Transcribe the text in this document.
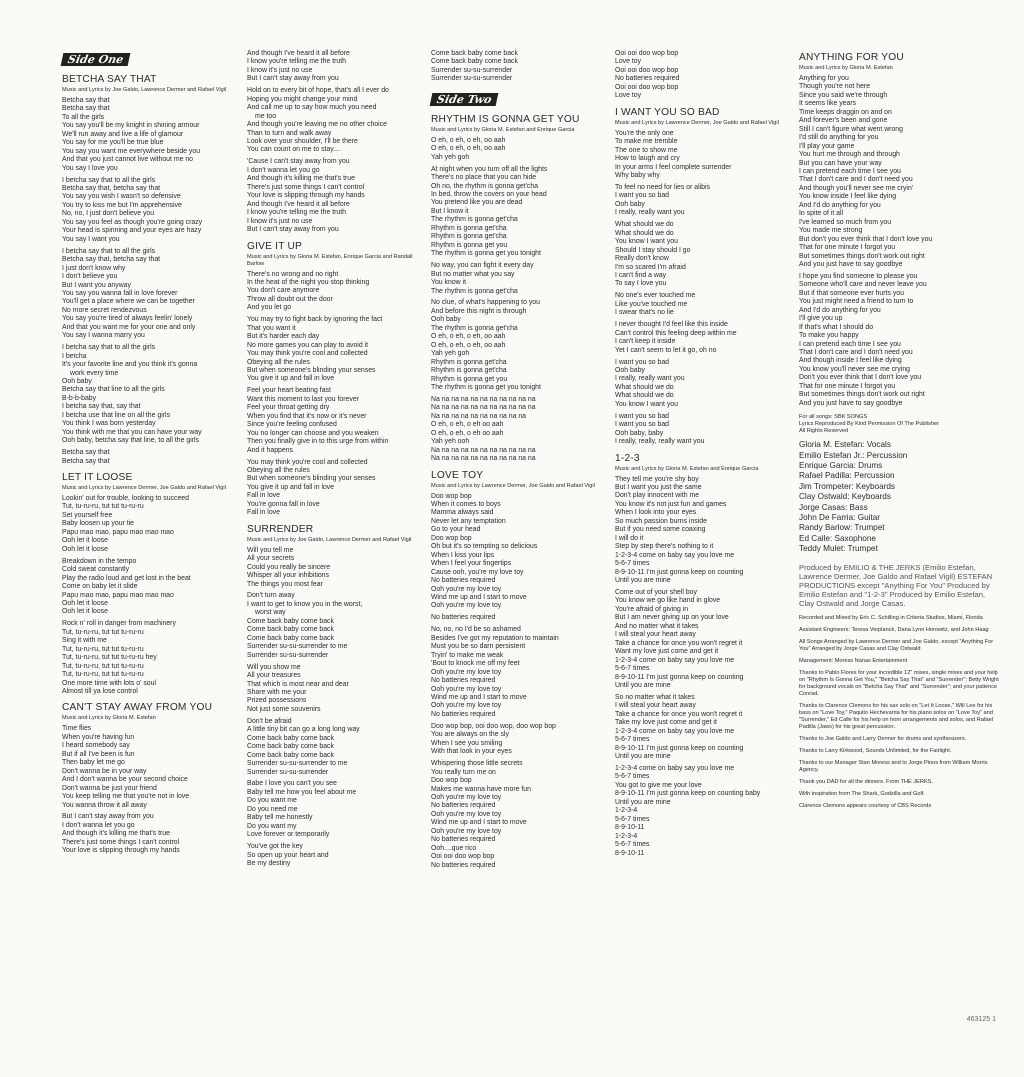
Side One
BETCHA SAY THAT
Music and Lyrics by Joe Galdo, Lawrence Dermer and Rafael Vigil
Betcha say that
Betcha say that
To all the girls
You say you'll be my knight in shining armour
We'll run away and live a life of glamour
You say for me you'll be true blue
You say you want me everywhere beside you
And that you just cannot live without me no
You say I love you
I betcha say that to all the girls
Betcha say that, betcha say that
You say you wish I wasn't so defensive
You try to kiss me but I'm apprehensive
No, no, I just don't believe you
You say you feel as though you're going crazy
Your head is spinning and your eyes are hazy
You say I want you
I betcha say that to all the girls
Betcha say that, betcha say that
I just don't know why
I don't believe you
But I want you anyway
You say you wanna fall in love forever
You'll get a place where we can be together
No more secret rendezvous
You say you're tired of always feelin' lonely
And that you want me for your one and only
You say I wanna marry you
I betcha say that to all the girls
I betcha
It's your favorite line and you think it's gonna
work every time
Ooh baby
Betcha say that line to all the girls
B-b-b-baby
I betcha say that, say that
I betcha use that line on all the girls
You think I was born yesterday
You think with me that you can have your way
Ooh baby, betcha say that line, to all the girls
Betcha say that
Betcha say that
LET IT LOOSE
Music and Lyrics by Lawrence Dermer, Joe Galdo and Rafael Vigil
Lookin' out for trouble, looking to succeed
Tut, tu-ru-ru, tut tut tu-ru-ru
Set yourself free
Baby loosen up your tie
Papu mao mao, papu mao mao mao
Ooh let it loose
Ooh let it loose
Breakdown in the tempo
Cold sweat constantly
Play the radio loud and get lost in the beat
Come on baby let it slide
Papu mao mao, papu mao mao mao
Ooh let it loose
Ooh let it loose
Rock n' roll in danger from machinery
Tut, tu-ru-ru, tut tut tu-ru-ru
Sing it with me
Tut, tu-ru-ru, tut tut tu-ru-ru
Tut, tu-ru-ru, tut tut tu-ru-ru hey
Tut, tu-ru-ru, tut tut tu-ru-ru
Tut, tu-ru-ru, tut tut tu-ru-ru
One more time with lots o' soul
Almost till ya lose control
CAN'T STAY AWAY FROM YOU
Music and Lyrics by Gloria M. Estefan
Time flies
When you're having fun
I heard somebody say
But if all I've been is fun
Then baby let me go
Don't wanna be in your way
And I don't wanna be your second choice
Don't wanna be just your friend
You keep telling me that you're not in love
You wanna throw it all away
But I can't stay away from you
I don't wanna let you go
And though it's killing me that's true
There's just some things I can't control
Your love is slipping through my hands
And though I've heard it all before
I know you're telling me the truth
I know it's just no use
But I can't stay away from you
Hold on to every bit of hope, that's all I ever do
Hoping you might change your mind
And call me up to say how much you need
me too
And though you're leaving me no other choice
Than to turn and walk away
Look over your shoulder, I'll be there
You can count on me to stay....
'Cause I can't stay away from you
I don't wanna let you go
And though it's killing me that's true
There's just some things I can't control
Your love is slipping through my hands
And though I've heard it all before
I know you're telling me the truth
I know it's just no use
But I can't stay away from you
GIVE IT UP
Music and Lyrics by Gloria M. Estefan, Enrique Garcia and Randall Barlow
There's no wrong and no right
In the heat of the night you stop thinking
You don't care anymore
Throw all doubt out the door
And you let go
You may try to fight back by ignoring the fact
That you want it
But it's harder each day
No more games you can play to avoid it
You may think you're cool and collected
Obeying all the rules
But when someone's blinding your senses
You give it up and fall in love
Feel your heart beating fast
Want this moment to last you forever
Feel your throat getting dry
When you find that it's now or it's never
Since you're feeling confused
You no longer can choose and you weaken
Then you finally give in to this urge from within
And it happens
You may think you're cool and collected
Obeying all the rules
But when someone's blinding your senses
You give it up and fall in love
Fall in love
You're gonna fall in love
Fall in love
SURRENDER
Music and Lyrics by Joe Galdo, Lawrence Dermer and Rafael Vigil
Will you tell me
All your secrets
Could you really be sincere
Whisper all your inhibitions
The things you most fear
Don't turn away
I want to get to know you in the worst,
worst way
Come back baby come back
Come back baby come back
Come back baby come back
Surrender su-su-surrender to me
Surrender su-su-surrender
Will you show me
All your treasures
That which is most near and dear
Share with me your
Prized possessions
Not just some souvenirs
Don't be afraid
A little tiny bit can go a long long way
Come back baby come back
Come back baby come back
Come back baby come back
Surrender su-su-surrender to me
Surrender su-su-surrender
Babe I love you can't you see
Baby tell me how you feel about me
Do you want me
Do you need me
Baby tell me honestly
Do you want my
Love forever or temporarily
You've got the key
So open up your heart and
Be my destiny
Come back baby come back
Come back baby come back
Surrender su-su-surrender
Surrender su-su-surrender
Side Two
RHYTHM IS GONNA GET YOU
Music and Lyrics by Gloria M. Estefan and Enrique Garcia
O eh, o eh, o eh, oo aah
O eh, o eh, o eh, oo aah
Yah yeh goh
At night when you turn off all the lights
There's no place that you can hide
Oh no, the rhythm is gonna get'cha
In bed, throw the covers on your head
You pretend like you are dead
But I know it
The rhythm is gonna get'cha
Rhythm is gonna get'cha
Rhythm is gonna get'cha
Rhythm is gonna get you
The rhythm is gonna get you tonight
No way, you can fight it every day
But no matter what you say
You know it
The rhythm is gonna get'cha
No clue, of what's happening to you
And before this night is through
Ooh baby
The rhythm is gonna get'cha
O eh, o eh, o eh, oo aah
O eh, o eh, o eh, oo aah
Yah yeh goh
Rhythm is gonna get'cha
Rhythm is gonna get'cha
Rhythm is gonna get you
The rhythm is gonna get you tonight
Na na na na na na na na na na na
Na na na na na na na na na na na
Na na na na na na na na na na
O eh, o eh, o eh oo aah
O eh, o eh, o eh oo aah
Yah yeh ooh
Na na na na na na na na na na na
Na na na na na na na na na na na
LOVE TOY
Music and Lyrics by Lawrence Dermer, Joe Galdo and Rafael Vigil
Doo wop bop
When it comes to boys
Mamma always said
Never let any temptation
Go to your head
Doo wop bop
Oh but it's so tempting so delicious
When I kiss your lips
When I feel your fingertips
Cause ooh, you're my love toy
No batteries required
Ooh you're my love toy
Wind me up and I start to move
Ooh you're my love toy
No batteries required
No, no, no I'd be so ashamed
Besides I've got my reputation to maintain
Must you be so darn persistent
Tryin' to make me weak
'Bout to knock me off my feet
Ooh you're my love toy
No batteries required
Ooh you're my love toy
Wind me up and I start to move
Ooh you're my love toy
No batteries required
Doo wop bop, ooi doo wop, doo wop bop
You are always on the sly
When I see you smiling
With that look in your eyes
Whispering those little secrets
You really turn me on
Doo wop bop
Makes me wanna have more fun
Ooh you're my love toy
No batteries required
Ooh you're my love toy
Wind me up and I start to move
Ooh you're my love toy
No batteries required
Ooh....que rico
Ooi ooi doo wop bop
No batteries required
Ooi ooi doo wop bop
Love toy
Ooi ooi doo wop bop
No batteries required
Ooi ooi doo wop bop
Love toy
I WANT YOU SO BAD
Music and Lyrics by Lawrence Dermer, Joe Galdo and Rafael Vigil
You're the only one
To make me tremble
The one to show me
How to laugh and cry
In your arms I feel complete surrender
Why baby why
To feel no need for lies or alibis
I want you so bad
Ooh baby
I really, really want you
What should we do
What should we do
You know I want you
Should I stay should I go
Really don't know
I'm so scared I'm afraid
I can't find a way
To say I love you
No one's ever touched me
Like you've touched me
I swear that's no lie
I never thought I'd feel like this inside
Can't control this feeling deep within me
I can't keep it inside
Yet I can't seem to let it go, oh no
I want you so bad
Ooh baby
I really, really want you
What should we do
What should we do
You know I want you
I want you so bad
I want you so bad
Ooh baby, baby
I really, really, really want you
1-2-3
Music and Lyrics by Gloria M. Estefan and Enrique Garcia
They tell me you're shy boy
But I want you just the same
Don't play innocent with me
You know it's not just fun and games
When I look into your eyes
So much passion burns inside
But if you need some coaxing
I will do it
Step by step there's nothing to it
1-2-3-4 come on baby say you love me
5-6-7 times
8-9-10-11 I'm just gonna keep on counting
Until you are mine
Come out of your shell boy
You know we go like hand in glove
You're afraid of giving in
But I am never giving up on your love
And no matter what it takes
I will steal your heart away
Take a chance for once you won't regret it
Want my love just come and get it
1-2-3-4 come on baby say you love me
5-6-7 times
8-9-10-11 I'm just gonna keep on counting
Until you are mine
So no matter what it takes
I will steal your heart away
Take a chance for once you won't regret it
Take my love just come and get it
1-2-3-4 come on baby say you love me
5-6-7 times
8-9-10-11 I'm just gonna keep on counting
Until you are mine
1-2-3-4 come on baby say you love me
5-6-7 times
You got to give me your love
8-9-10-11 I'm just gonna keep on counting baby
Until you are mine
1-2-3-4
5-6-7 times
8-9-10-11
1-2-3-4
5-6-7 times
8-9-10-11
ANYTHING FOR YOU
Music and Lyrics by Gloria M. Estefan
Anything for you
Though you're not here
Since you said we're through
It seems like years
Time keeps draggin on and on
And forever's been and gone
Still I can't figure what went wrong
I'd still do anything for you
I'll play your game
You hurt me through and through
But you can have your way
I can pretend each time I see you
That I don't care and I don't need you
And though you'll never see me cryin'
You know inside I feel like dying
And I'd do anything for you
In spite of it all
I've learned so much from you
You made me strong
But don't you ever think that I don't love you
That for one minute I forgot you
But sometimes things don't work out right
And you just have to say goodbye
I hope you find someone to please you
Someone who'll care and never leave you
But if that someone ever hurts you
You just might need a friend to turn to
And I'd do anything for you
I'll give you up
If that's what I should do
To make you happy
I can pretend each time I see you
That I don't care and I don't need you
And though inside I feel like dying
You know you'll never see me crying
Don't you ever think that I don't love you
That for one minute I forgot you
But sometimes things don't work out right
And you just have to say goodbye
For all songs: SBK SONGS
Lyrics Reproduced By Kind Permission Of The Publisher
All Rights Reserved
Gloria M. Estefan: Vocals
Emilio Estefan Jr.: Percussion
Enrique Garcia: Drums
Rafael Padilla: Percussion
Jim Trompeter: Keyboards
Clay Ostwald: Keyboards
Jorge Casas: Bass
John De Farria: Guitar
Randy Barlow: Trumpet
Ed Calle: Saxophone
Teddy Mulet: Trumpet
Produced by EMILIO & THE JERKS (Emilio Estefan, Lawrence Dermer, Joe Galdo and Rafael Vigil) ESTEFAN PRODUCTIONS except "Anything For You" Produced by Emilio Estefan and "1-2-3" Produced by Emilio Estefan, Clay Ostwald and Jorge Casas.
Recorded and Mixed by Eric C. Schilling in Criteria Studios, Miami, Florida
Assistant Engineers: Teresa Verplanck, Dana Lynn Horowitz, and John Haag
All Songs Arranged by Lawrence Dermer and Joe Galdo, except "Anything For You" Arranged by Jorge Casas and Clay Ostwald
Management: Moress Nanas Entertainment
Thanks to Pablo Flores for your incredible 12" mixes, single mixes and your help on "Rhythm Is Gonna Get You," "Betcha Say That" and "Surrender"; Betty Wright for background vocals on "Betcha Say That" and "Surrender"; and your patience Conrad.
Thanks to Clarence Clemons for his sax solo on "Let It Loose," Will Lee for his bass on "Love Toy," Paquito Hechevarria for his piano solos on "Love Toy" and "Surrender," Ed Calle for his help on horn arrangements and solos, and Rafael Padilla (Jaws) for his great percussion.
Thanks to Joe Galdo and Larry Dermer for drums and synthesizers.
Thanks to Larry Kirkwood, Sounds Unlimited, for the Fairlight.
Thanks to our Manager Stan Moress and to Jorge Pinos from William Morris Agency.
Thank you DAD for all the dinners. From THE JERKS.
With inspiration from The Shark, Godzilla and Golf.
Clarence Clemons appears courtesy of CBS Records
463125 1
